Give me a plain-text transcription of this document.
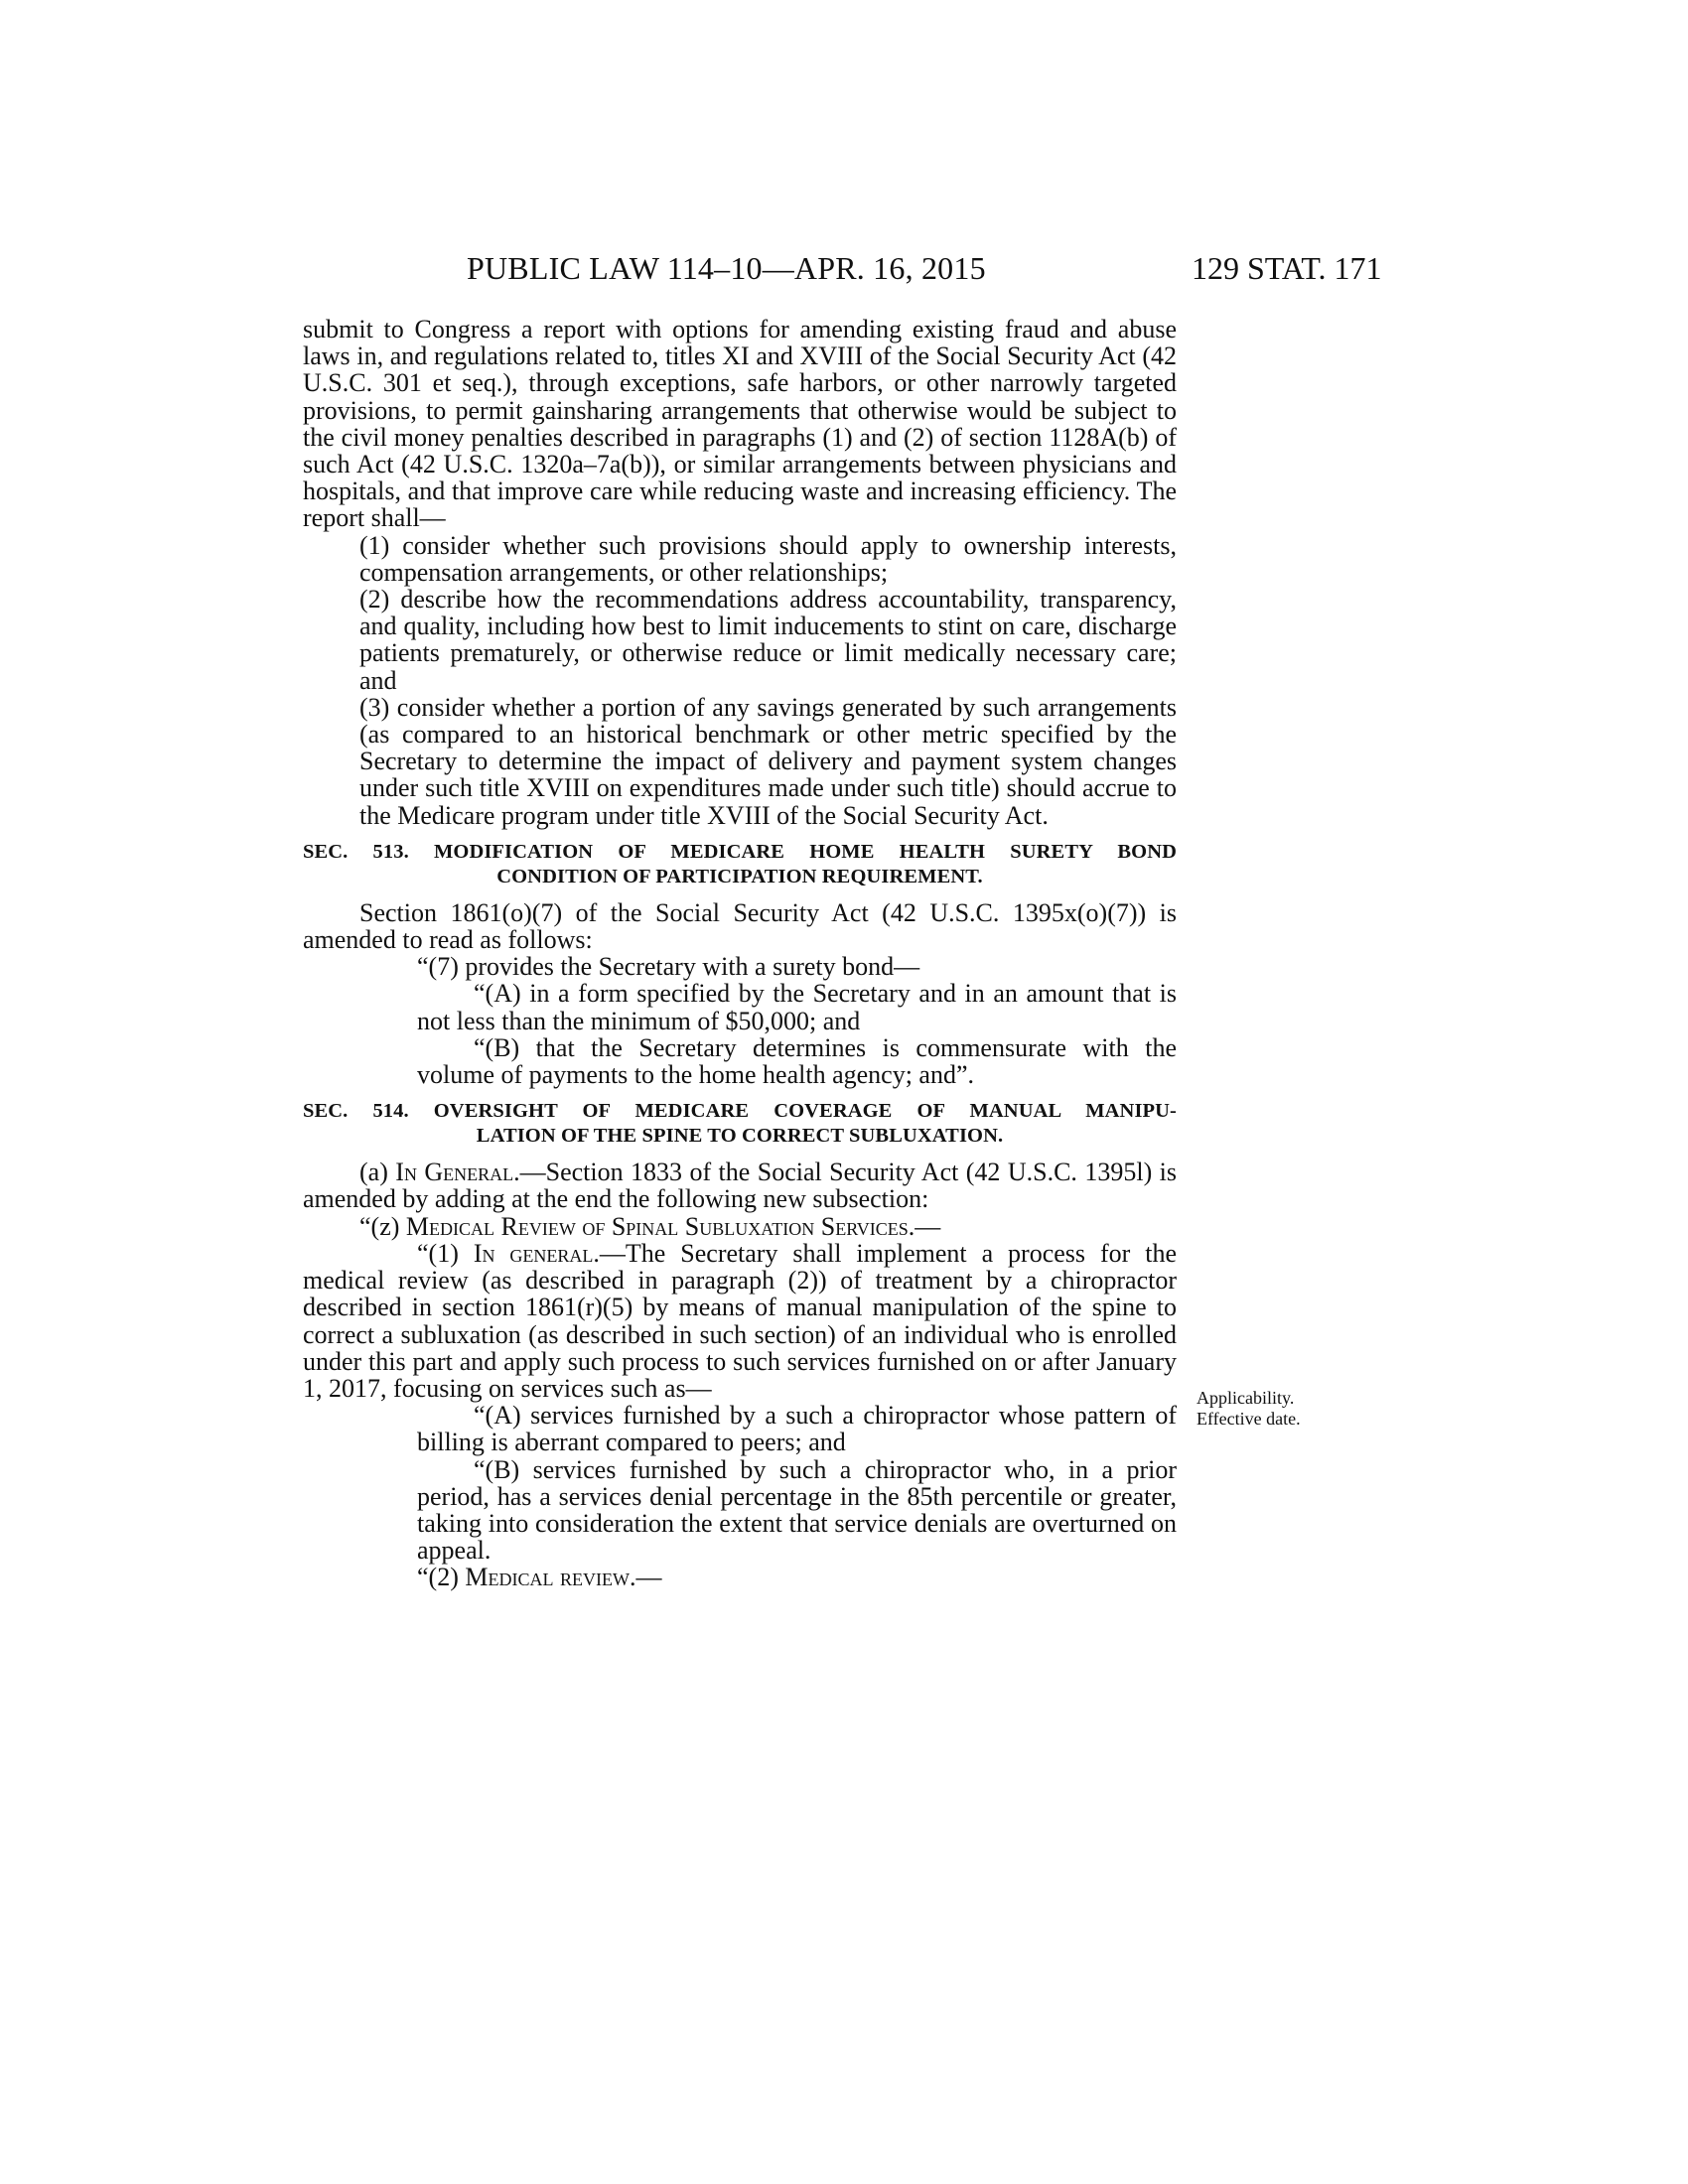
PUBLIC LAW 114–10—APR. 16, 2015	129 STAT. 171

submit to Congress a report with options for amending existing fraud and abuse laws in, and regulations related to, titles XI and XVIII of the Social Security Act (42 U.S.C. 301 et seq.), through exceptions, safe harbors, or other narrowly targeted provisions, to permit gainsharing arrangements that otherwise would be subject to the civil money penalties described in paragraphs (1) and (2) of section 1128A(b) of such Act (42 U.S.C. 1320a–7a(b)), or similar arrangements between physicians and hospitals, and that improve care while reducing waste and increasing efficiency. The report shall—

(1) consider whether such provisions should apply to ownership interests, compensation arrangements, or other relationships;

(2) describe how the recommendations address accountability, transparency, and quality, including how best to limit inducements to stint on care, discharge patients prematurely, or otherwise reduce or limit medically necessary care; and

(3) consider whether a portion of any savings generated by such arrangements (as compared to an historical benchmark or other metric specified by the Secretary to determine the impact of delivery and payment system changes under such title XVIII on expenditures made under such title) should accrue to the Medicare program under title XVIII of the Social Security Act.

SEC. 513. MODIFICATION OF MEDICARE HOME HEALTH SURETY BOND
CONDITION OF PARTICIPATION REQUIREMENT.

Section 1861(o)(7) of the Social Security Act (42 U.S.C. 1395x(o)(7)) is amended to read as follows:

“(7) provides the Secretary with a surety bond—

“(A) in a form specified by the Secretary and in an amount that is not less than the minimum of $50,000; and

“(B) that the Secretary determines is commensurate with the volume of payments to the home health agency; and”.

SEC. 514. OVERSIGHT OF MEDICARE COVERAGE OF MANUAL MANIPU-
LATION OF THE SPINE TO CORRECT SUBLUXATION.

(a) In General.—Section 1833 of the Social Security Act (42 U.S.C. 1395l) is amended by adding at the end the following new subsection:

“(z) Medical Review of Spinal Subluxation Services.—

“(1) In general.—The Secretary shall implement a process for the medical review (as described in paragraph (2)) of treatment by a chiropractor described in section 1861(r)(5) by means of manual manipulation of the spine to correct a subluxation (as described in such section) of an individual who is enrolled under this part and apply such process to such services furnished on or after January 1, 2017, focusing on services such as—

“(A) services furnished by a such a chiropractor whose pattern of billing is aberrant compared to peers; and

“(B) services furnished by such a chiropractor who, in a prior period, has a services denial percentage in the 85th percentile or greater, taking into consideration the extent that service denials are overturned on appeal.

“(2) Medical review.—

Applicability.
Effective date.
